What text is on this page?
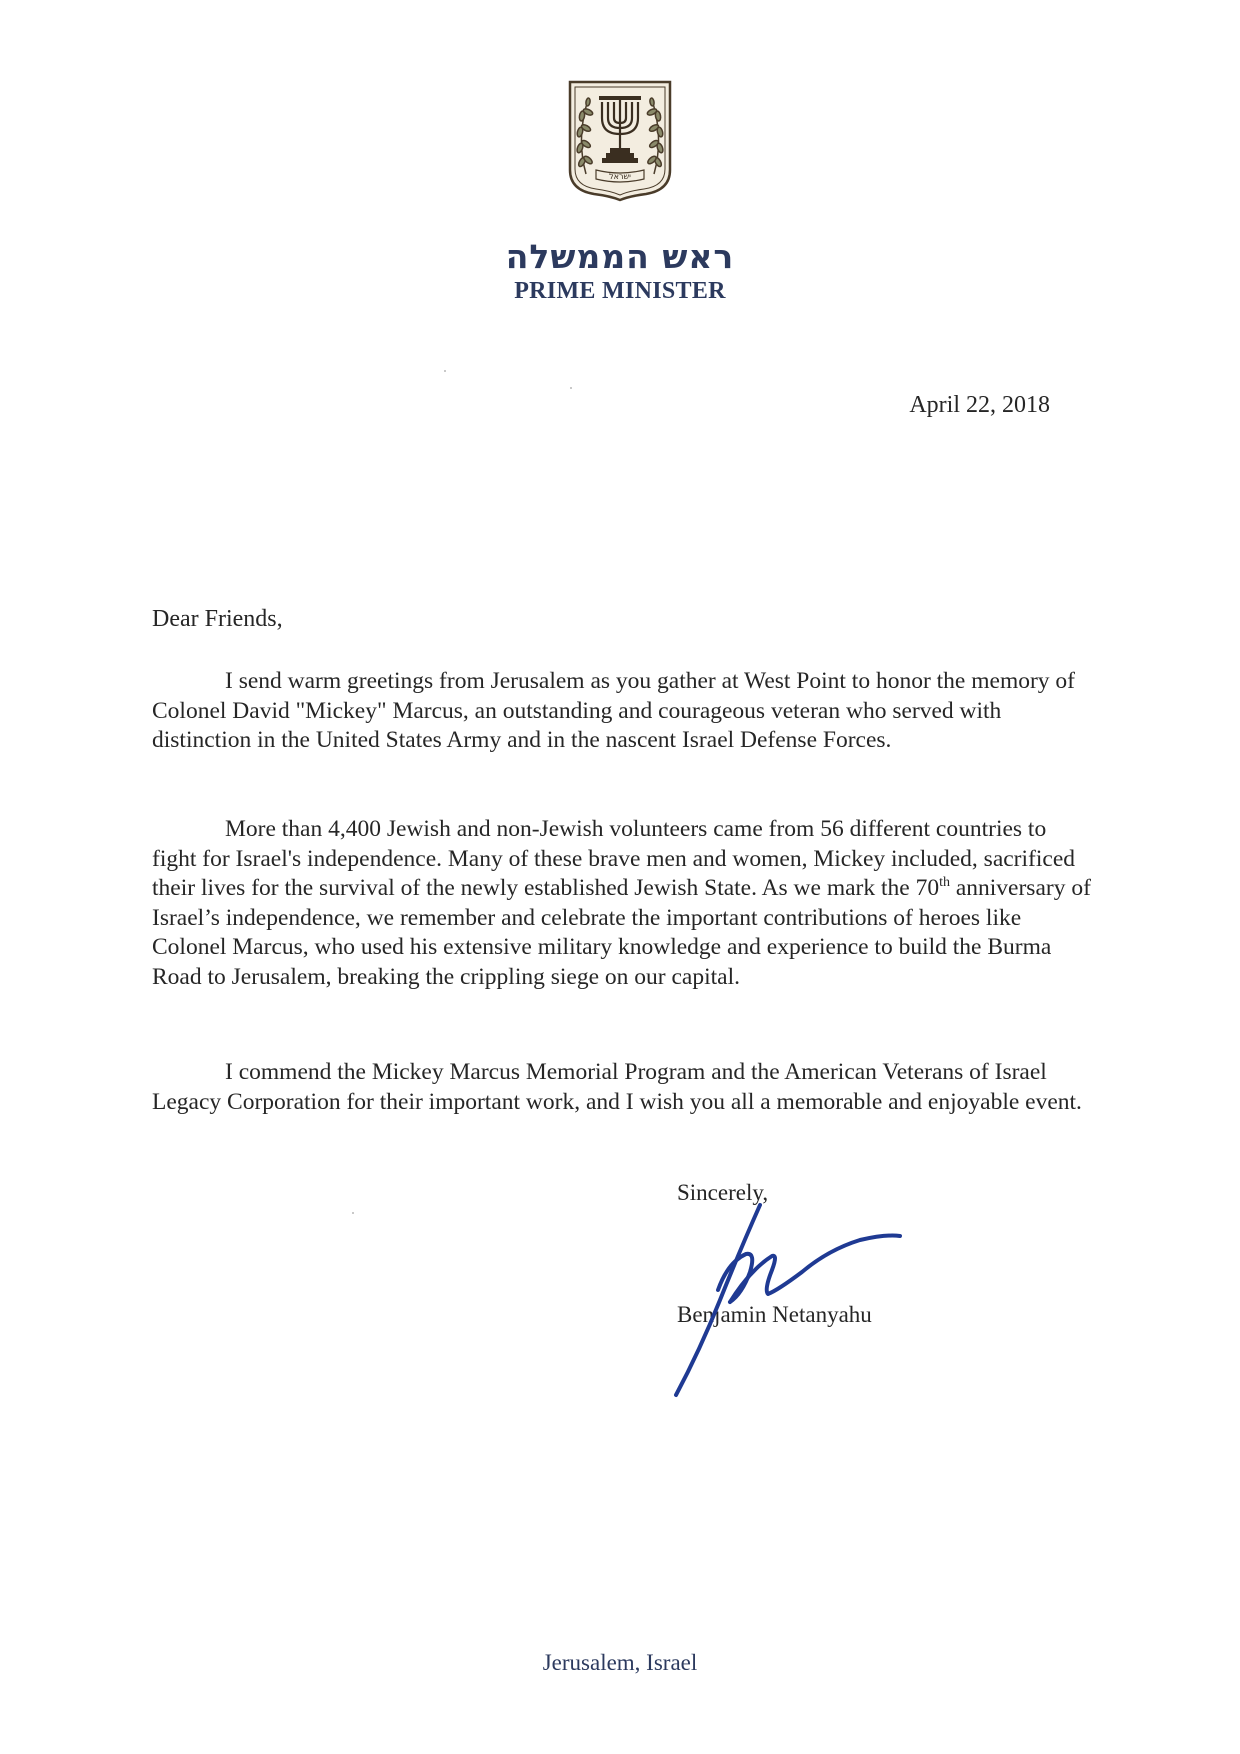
ישראל
ראש הממשלה
PRIME MINISTER
April 22, 2018
Dear Friends,

I send warm greetings from Jerusalem as you gather at West Point to honor the memory of Colonel David "Mickey" Marcus, an outstanding and courageous veteran who served with distinction in the United States Army and in the nascent Israel Defense Forces.

More than 4,400 Jewish and non-Jewish volunteers came from 56 different countries to fight for Israel's independence. Many of these brave men and women, Mickey included, sacrificed their lives for the survival of the newly established Jewish State. As we mark the 70th anniversary of Israel’s independence, we remember and celebrate the important contributions of heroes like Colonel Marcus, who used his extensive military knowledge and experience to build the Burma Road to Jerusalem, breaking the crippling siege on our capital.

I commend the Mickey Marcus Memorial Program and the American Veterans of Israel Legacy Corporation for their important work, and I wish you all a memorable and enjoyable event.

Sincerely,
Benjamin Netanyahu
Jerusalem, Israel
